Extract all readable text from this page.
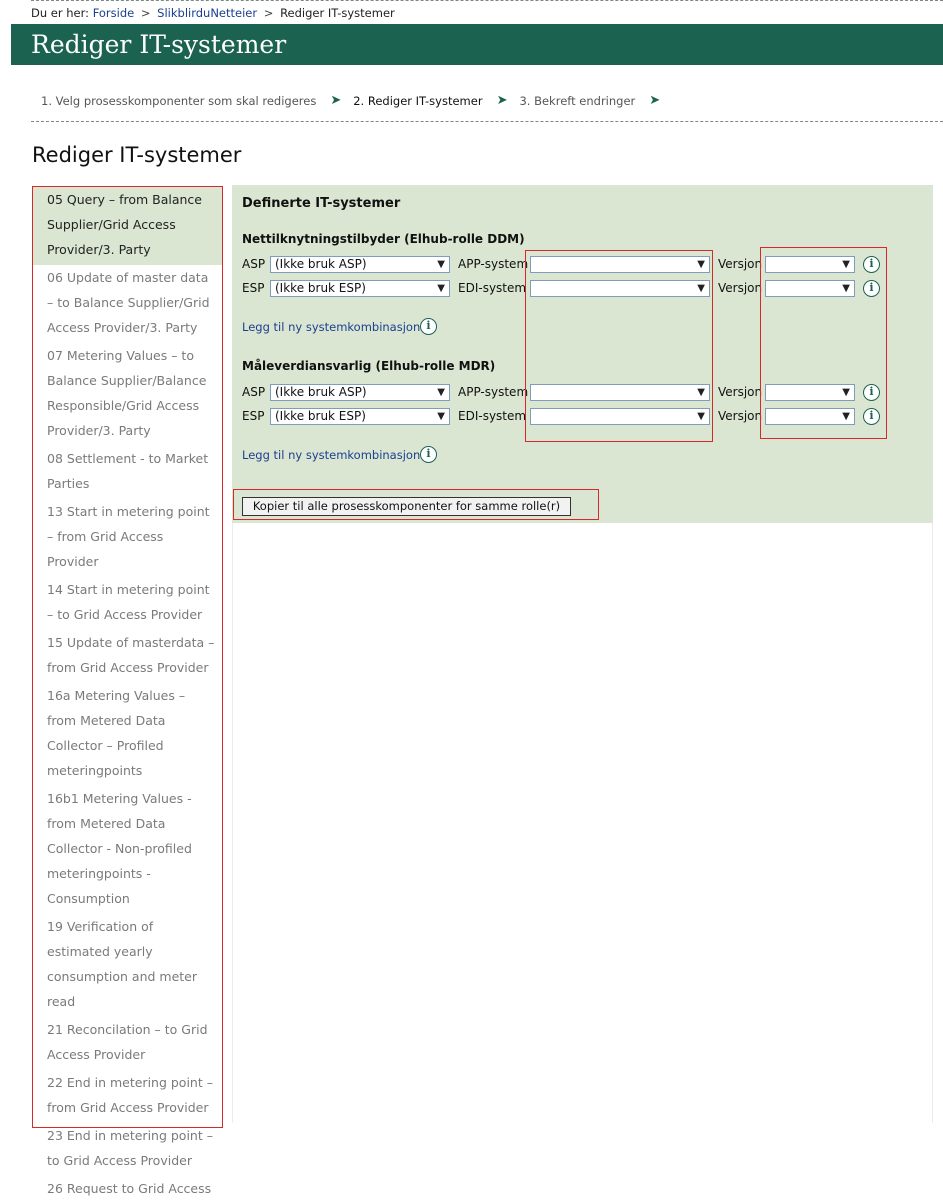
Du er her: Forside > SlikblirduNetteier > Rediger IT-systemer
Rediger IT-systemer
1. Velg prosesskomponenter som skal redigeres ➤ 2. Rediger IT-systemer ➤ 3. Bekreft endringer ➤
Rediger IT-systemer
05 Query – from Balance Supplier/Grid Access Provider/3. Party
06 Update of master data – to Balance Supplier/Grid Access Provider/3. Party
07 Metering Values – to Balance Supplier/Balance Responsible/Grid Access Provider/3. Party
08 Settlement - to Market Parties
13 Start in metering point – from Grid Access Provider
14 Start in metering point – to Grid Access Provider
15 Update of masterdata – from Grid Access Provider
16a Metering Values – from Metered Data Collector – Profiled meteringpoints
16b1 Metering Values - from Metered Data Collector - Non-profiled meteringpoints - Consumption
19 Verification of estimated yearly consumption and meter read
21 Reconcilation – to Grid Access Provider
22 End in metering point – from Grid Access Provider
23 End in metering point – to Grid Access Provider
26 Request to Grid Access
Definerte IT-systemer
Nettilknytningstilbyder (Elhub-rolle DDM)
ASP (Ikke bruk ASP)	▼ APP-system	▼ Versjon	▼	i
ESP (Ikke bruk ESP)	▼ EDI-system	▼ Versjon	▼	i
Legg til ny systemkombinasjon i
Måleverdiansvarlig (Elhub-rolle MDR)
ASP (Ikke bruk ASP)	▼ APP-system	▼ Versjon	▼	i
ESP (Ikke bruk ESP)	▼ EDI-system	▼ Versjon	▼	i
Legg til ny systemkombinasjon i
Kopier til alle prosesskomponenter for samme rolle(r)
